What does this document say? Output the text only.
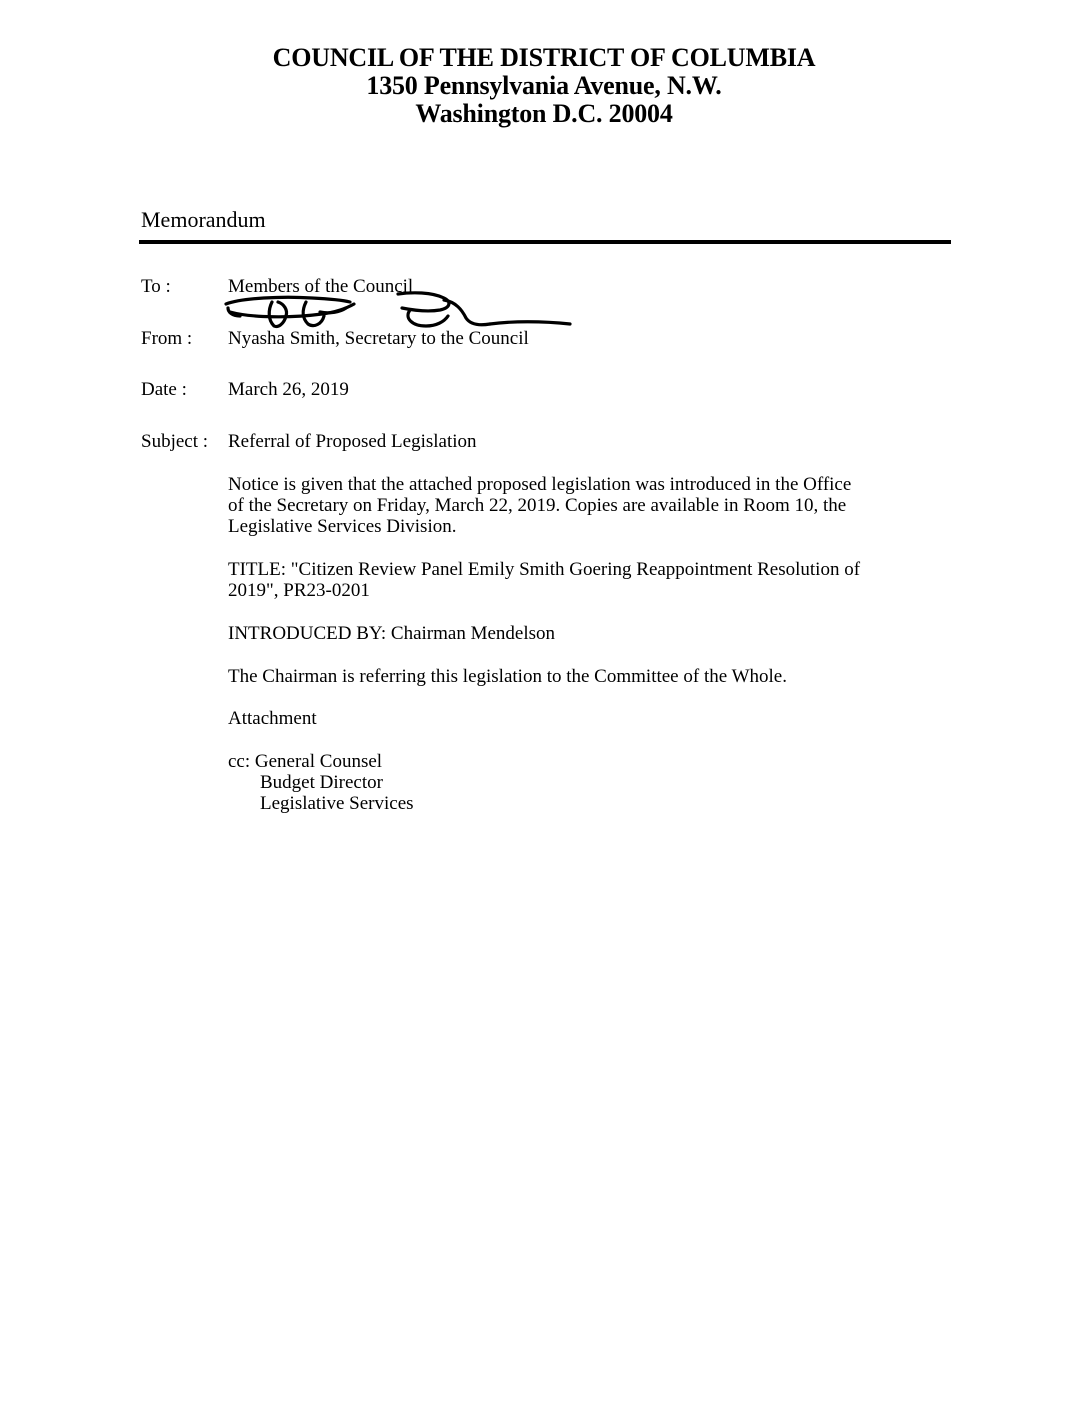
COUNCIL OF THE DISTRICT OF COLUMBIA
1350 Pennsylvania Avenue, N.W.
Washington D.C. 20004
Memorandum
To :	Members of the Council
From : Nyasha Smith, Secretary to the Council
Date : March 26, 2019
Subject : Referral of Proposed Legislation
Notice is given that the attached proposed legislation was introduced in the Office
of the Secretary on Friday, March 22, 2019. Copies are available in Room 10, the
Legislative Services Division.
TITLE: "Citizen Review Panel Emily Smith Goering Reappointment Resolution of
2019", PR23-0201
INTRODUCED BY: Chairman Mendelson
The Chairman is referring this legislation to the Committee of the Whole.
Attachment
cc: General Counsel
Budget Director
Legislative Services
